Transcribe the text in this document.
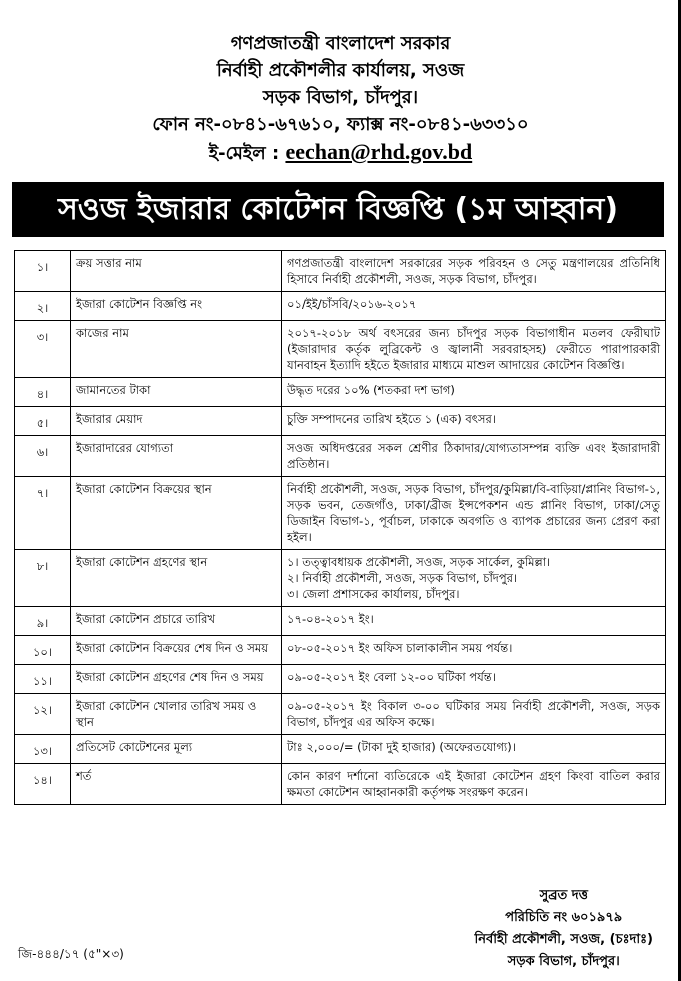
গণপ্রজাতন্ত্রী বাংলাদেশ সরকার
নির্বাহী প্রকৌশলীর কার্যালয়, সওজ
সড়ক বিভাগ, চাঁদপুর।
ফোন নং-০৮৪১-৬৭৬১০, ফ্যাক্স নং-০৮৪১-৬৩৩১০
ই-মেইল : eechan@rhd.gov.bd
সওজ ইজারার কোটেশন বিজ্ঞপ্তি (১ম আহ্বান)
১।	ক্রয় সত্তার নাম	গণপ্রজাতন্ত্রী বাংলাদেশ সরকারের সড়ক পরিবহন ও সেতু মন্ত্রণালয়ের প্রতিনিধি হিসাবে নির্বাহী প্রকৌশলী, সওজ, সড়ক বিভাগ, চাঁদপুর।
২।	ইজারা কোটেশন বিজ্ঞপ্তি নং	০১/ইই/চাঁসবি/২০১৬-২০১৭
৩।	কাজের নাম	২০১৭-২০১৮ অর্থ বৎসরের জন্য চাঁদপুর সড়ক বিভাগাধীন মতলব ফেরীঘাট (ইজারাদার কর্তৃক লুব্রিকেন্ট ও জ্বালানী সরবরাহসহ) ফেরীতে পারাপারকারী যানবাহন ইত্যাদি হইতে ইজারার মাধ্যমে মাশুল আদায়ের কোটেশন বিজ্ঞপ্তি।
৪।	জামানতের টাকা	উদ্ধৃত দরের ১০% (শতকরা দশ ভাগ)
৫।	ইজারার মেয়াদ	চুক্তি সম্পাদনের তারিখ হইতে ১ (এক) বৎসর।
৬।	ইজারাদারের যোগ্যতা	সওজ অধিদপ্তরের সকল শ্রেণীর ঠিকাদার/যোগ্যতাসম্পন্ন ব্যক্তি এবং ইজারাদারী প্রতিষ্ঠান।
৭।	ইজারা কোটেশন বিক্রয়ের স্থান	নির্বাহী প্রকৌশলী, সওজ, সড়ক বিভাগ, চাঁদপুর/কুমিল্লা/বি-বাড়িয়া/প্লানিং বিভাগ-১, সড়ক ভবন, তেজগাঁও, ঢাকা/ব্রীজ ইন্সপেকশন এন্ড প্লানিং বিভাগ, ঢাকা/সেতু ডিজাইন বিভাগ-১, পূর্বাচল, ঢাকাকে অবগতি ও ব্যাপক প্রচারের জন্য প্রেরণ করা হইল।
৮।	ইজারা কোটেশন গ্রহণের স্থান	১। তত্ত্বাবধায়ক প্রকৌশলী, সওজ, সড়ক সার্কেল, কুমিল্লা।
২। নির্বাহী প্রকৌশলী, সওজ, সড়ক বিভাগ, চাঁদপুর।
৩। জেলা প্রশাসকের কার্যালয়, চাঁদপুর।

৯।	ইজারা কোটেশন প্রচারে তারিখ	১৭-০৪-২০১৭ ইং।
১০।	ইজারা কোটেশন বিক্রয়ের শেষ দিন ও সময়	০৮-০৫-২০১৭ ইং অফিস চালাকালীন সময় পর্যন্ত।
১১।	ইজারা কোটেশন গ্রহণের শেষ দিন ও সময়	০৯-০৫-২০১৭ ইং বেলা ১২-০০ ঘটিকা পর্যন্ত।
১২।	ইজারা কোটেশন খোলার তারিখ সময় ও স্থান	০৯-০৫-২০১৭ ইং বিকাল ৩-০০ ঘটিকার সময় নির্বাহী প্রকৌশলী, সওজ, সড়ক বিভাগ, চাঁদপুর এর অফিস কক্ষে।
১৩।	প্রতিসেট কোটেশনের মূল্য	টাঃ ২,০০০/= (টাকা দুই হাজার) (অফেরতযোগ্য)।
১৪।	শর্ত	কোন কারণ দর্শানো ব্যতিরেকে এই ইজারা কোটেশন গ্রহণ কিংবা বাতিল করার ক্ষমতা কোটেশন আহ্বানকারী কর্তৃপক্ষ সংরক্ষণ করেন।
সুব্রত দত্ত
পরিচিতি নং ৬০১৯৭৯
নির্বাহী প্রকৌশলী, সওজ, (চঃদাঃ)
সড়ক বিভাগ, চাঁদপুর।
জি-৪৪৪/১৭ (৫"×৩)
